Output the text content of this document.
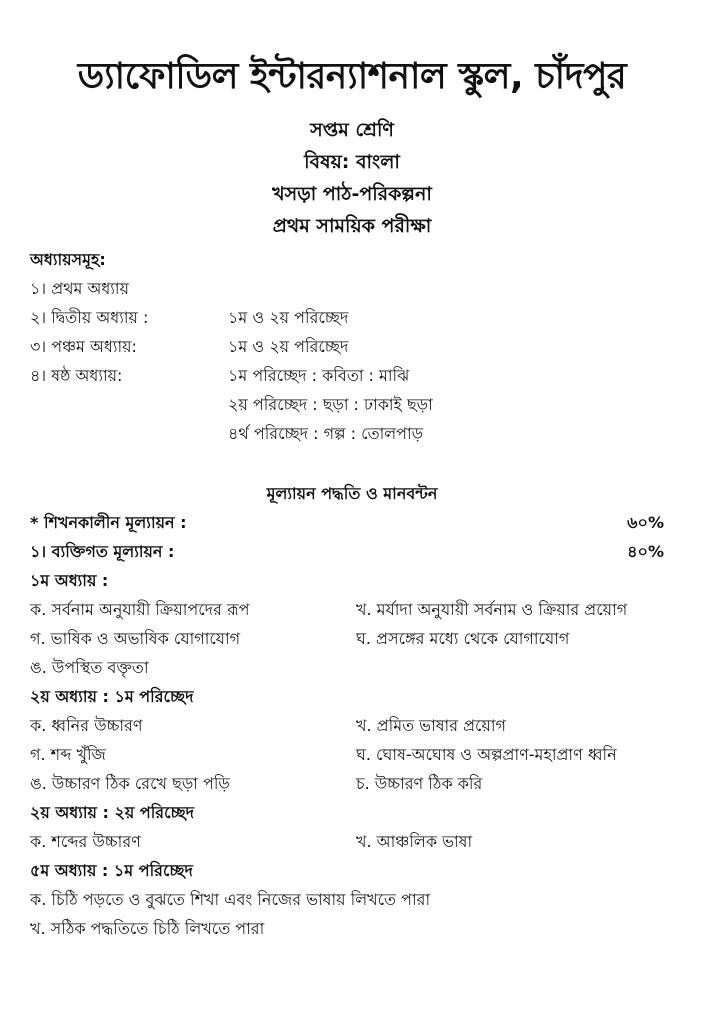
ড্যাফোডিল ইন্টারন্যাশনাল স্কুল, চাঁদপুর
সপ্তম শ্রেণি
বিষয়: বাংলা
খসড়া পাঠ-পরিকল্পনা
প্রথম সাময়িক পরীক্ষা
অধ্যায়সমূহ:
১। প্রথম অধ্যায়
২। দ্বিতীয় অধ্যায় :	১ম ও ২য় পরিচ্ছেদ
৩। পঞ্চম অধ্যায়:	১ম ও ২য় পরিচ্ছেদ
৪। ষষ্ঠ অধ্যায়:	১ম পরিচ্ছেদ : কবিতা : মাঝি
২য় পরিচ্ছেদ : ছড়া : ঢাকাই ছড়া
৪র্থ পরিচ্ছেদ : গল্প : তোলপাড়
মূল্যায়ন পদ্ধতি ও মানবন্টন
* শিখনকালীন মূল্যায়ন :	৬০%
১। ব্যক্তিগত মূল্যায়ন :	৪০%
১ম অধ্যায় :
ক. সর্বনাম অনুযায়ী ক্রিয়াপদের রূপ	খ. মর্যাদা অনুযায়ী সর্বনাম ও ক্রিয়ার প্রয়োগ
গ. ভাষিক ও অভাষিক যোগাযোগ	ঘ. প্রসঙ্গের মধ্যে থেকে যোগাযোগ
ঙ. উপস্থিত বক্তৃতা
২য় অধ্যায় : ১ম পরিচ্ছেদ
ক. ধ্বনির উচ্চারণ	খ. প্রমিত ভাষার প্রয়োগ
গ. শব্দ খুঁজি	ঘ. ঘোষ-অঘোষ ও অল্পপ্রাণ-মহাপ্রাণ ধ্বনি
ঙ. উচ্চারণ ঠিক রেখে ছড়া পড়ি	চ. উচ্চারণ ঠিক করি
২য় অধ্যায় : ২য় পরিচ্ছেদ
ক. শব্দের উচ্চারণ	খ. আঞ্চলিক ভাষা
৫ম অধ্যায় : ১ম পরিচ্ছেদ
ক. চিঠি পড়তে ও বুঝতে শিখা এবং নিজের ভাষায় লিখতে পারা
খ. সঠিক পদ্ধতিতে চিঠি লিখতে পারা
